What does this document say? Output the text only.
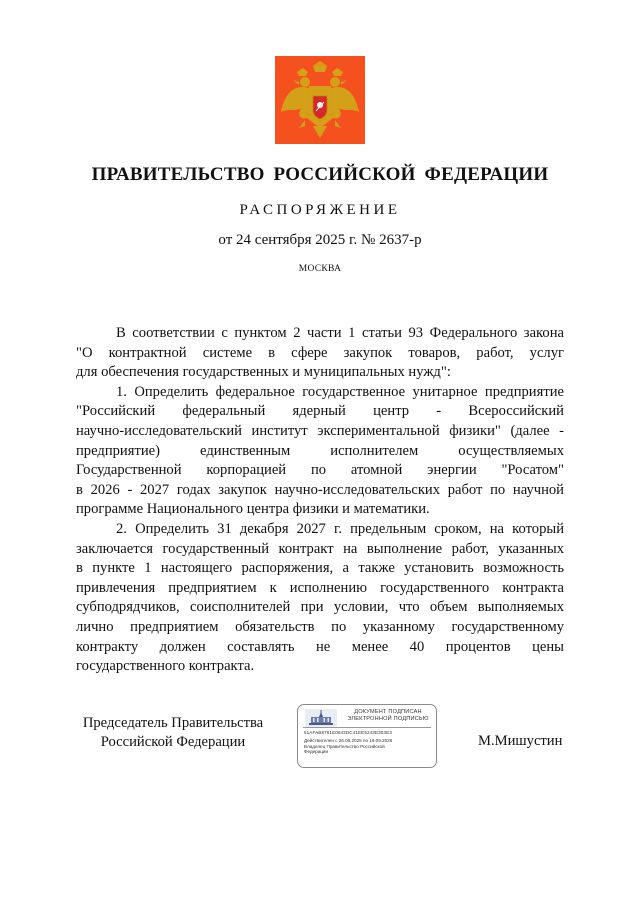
ПРАВИТЕЛЬСТВО РОССИЙСКОЙ ФЕДЕРАЦИИ
РАСПОРЯЖЕНИЕ
от 24 сентября 2025 г. № 2637-р
МОСКВА
В соответствии с пунктом 2 части 1 статьи 93 Федерального закона
"О контрактной системе в сфере закупок товаров, работ, услуг
для обеспечения государственных и муниципальных нужд":
1. Определить федеральное государственное унитарное предприятие
"Российский федеральный ядерный центр - Всероссийский
научно-исследовательский институт экспериментальной физики" (далее -
предприятие) единственным исполнителем осуществляемых
Государственной корпорацией по атомной энергии "Росатом"
в 2026 - 2027 годах закупок научно-исследовательских работ по научной
программе Национального центра физики и математики.
2. Определить 31 декабря 2027 г. предельным сроком, на который
заключается государственный контракт на выполнение работ, указанных
в пункте 1 настоящего распоряжения, а также установить возможность
привлечения предприятием к исполнению государственного контракта
субподрядчиков, соисполнителей при условии, что объем выполняемых
лично предприятием обязательств по указанному государственному
контракту должен составлять не менее 40 процентов цены
государственного контракта.
Председатель Правительства
Российской Федерации
ДОКУМЕНТ ПОДПИСАН
ЭЛЕКТРОННОЙ ПОДПИСЬЮ
51AFAB8761E0642DC41EE5243E303E3
Действителен с 26.06.2025 по 19.09.2026
Владелец Правительство Российской
Федерации
М.Мишустин
